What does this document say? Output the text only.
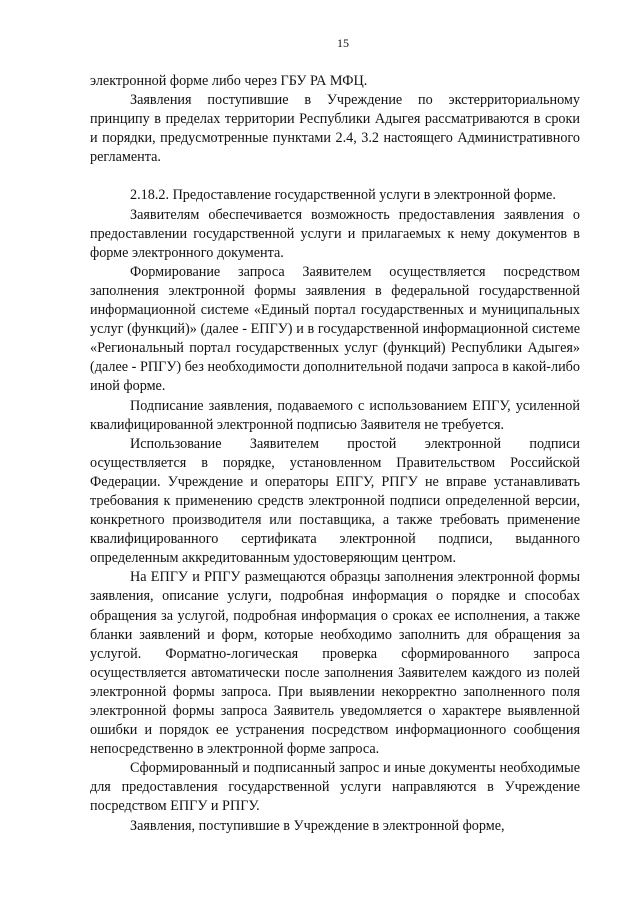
15

электронной форме либо через ГБУ РА МФЦ.

Заявления поступившие в Учреждение по экстерриториальному принципу в пределах территории Республики Адыгея рассматриваются в сроки и порядки, предусмотренные пунктами 2.4, 3.2 настоящего Административного регламента.

2.18.2. Предоставление государственной услуги в электронной форме.

Заявителям обеспечивается возможность предоставления заявления о предоставлении государственной услуги и прилагаемых к нему документов в форме электронного документа.

Формирование запроса Заявителем осуществляется посредством заполнения электронной формы заявления в федеральной государственной информационной системе «Единый портал государственных и муниципальных услуг (функций)» (далее - ЕПГУ) и в государственной информационной системе «Региональный портал государственных услуг (функций) Республики Адыгея» (далее - РПГУ) без необходимости дополнительной подачи запроса в какой-либо иной форме.

Подписание заявления, подаваемого с использованием ЕПГУ, усиленной квалифицированной электронной подписью Заявителя не требуется.

Использование Заявителем простой электронной подписи осуществляется в порядке, установленном Правительством Российской Федерации. Учреждение и операторы ЕПГУ, РПГУ не вправе устанавливать требования к применению средств электронной подписи определенной версии, конкретного производителя или поставщика, а также требовать применение квалифицированного сертификата электронной подписи, выданного определенным аккредитованным удостоверяющим центром.

На ЕПГУ и РПГУ размещаются образцы заполнения электронной формы заявления, описание услуги, подробная информация о порядке и способах обращения за услугой, подробная информация о сроках ее исполнения, а также бланки заявлений и форм, которые необходимо заполнить для обращения за услугой. Форматно-логическая проверка сформированного запроса осуществляется автоматически после заполнения Заявителем каждого из полей электронной формы запроса. При выявлении некорректно заполненного поля электронной формы запроса Заявитель уведомляется о характере выявленной ошибки и порядок ее устранения посредством информационного сообщения непосредственно в электронной форме запроса.

Сформированный и подписанный запрос и иные документы необходимые для предоставления государственной услуги направляются в Учреждение посредством ЕПГУ и РПГУ.

Заявления, поступившие в Учреждение в электронной форме,
